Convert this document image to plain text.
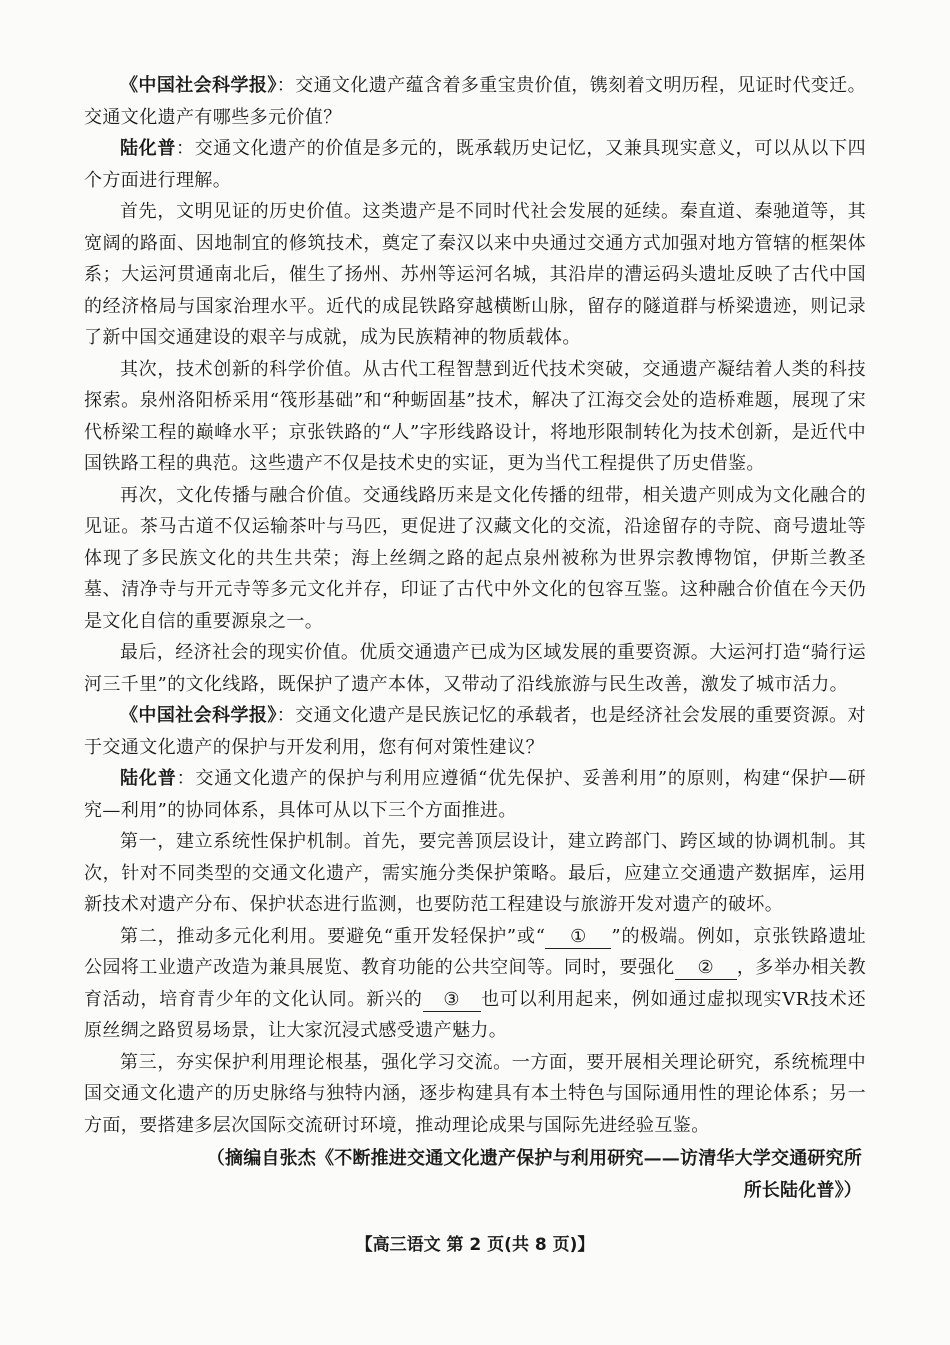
《中国社会科学报》：交通文化遗产蕴含着多重宝贵价值，镌刻着文明历程，见证时代变迁。交通文化遗产有哪些多元价值？

陆化普：交通文化遗产的价值是多元的，既承载历史记忆，又兼具现实意义，可以从以下四个方面进行理解。

首先，文明见证的历史价值。这类遗产是不同时代社会发展的延续。秦直道、秦驰道等，其宽阔的路面、因地制宜的修筑技术，奠定了秦汉以来中央通过交通方式加强对地方管辖的框架体系；大运河贯通南北后，催生了扬州、苏州等运河名城，其沿岸的漕运码头遗址反映了古代中国的经济格局与国家治理水平。近代的成昆铁路穿越横断山脉，留存的隧道群与桥梁遗迹，则记录了新中国交通建设的艰辛与成就，成为民族精神的物质载体。

其次，技术创新的科学价值。从古代工程智慧到近代技术突破，交通遗产凝结着人类的科技探索。泉州洛阳桥采用“筏形基础”和“种蛎固基”技术，解决了江海交会处的造桥难题，展现了宋代桥梁工程的巅峰水平；京张铁路的“人”字形线路设计，将地形限制转化为技术创新，是近代中国铁路工程的典范。这些遗产不仅是技术史的实证，更为当代工程提供了历史借鉴。

再次，文化传播与融合价值。交通线路历来是文化传播的纽带，相关遗产则成为文化融合的见证。茶马古道不仅运输茶叶与马匹，更促进了汉藏文化的交流，沿途留存的寺院、商号遗址等体现了多民族文化的共生共荣；海上丝绸之路的起点泉州被称为世界宗教博物馆，伊斯兰教圣墓、清净寺与开元寺等多元文化并存，印证了古代中外文化的包容互鉴。这种融合价值在今天仍是文化自信的重要源泉之一。

最后，经济社会的现实价值。优质交通遗产已成为区域发展的重要资源。大运河打造“骑行运河三千里”的文化线路，既保护了遗产本体，又带动了沿线旅游与民生改善，激发了城市活力。

《中国社会科学报》：交通文化遗产是民族记忆的承载者，也是经济社会发展的重要资源。对于交通文化遗产的保护与开发利用，您有何对策性建议？

陆化普：交通文化遗产的保护与利用应遵循“优先保护、妥善利用”的原则，构建“保护—研究—利用”的协同体系，具体可从以下三个方面推进。

第一，建立系统性保护机制。首先，要完善顶层设计，建立跨部门、跨区域的协调机制。其次，针对不同类型的交通文化遗产，需实施分类保护策略。最后，应建立交通遗产数据库，运用新技术对遗产分布、保护状态进行监测，也要防范工程建设与旅游开发对遗产的破坏。

第二，推动多元化利用。要避免“重开发轻保护”或“ ① ”的极端。例如，京张铁路遗址公园将工业遗产改造为兼具展览、教育功能的公共空间等。同时，要强化 ② ，多举办相关教育活动，培育青少年的文化认同。新兴的 ③ 也可以利用起来，例如通过虚拟现实VR技术还原丝绸之路贸易场景，让大家沉浸式感受遗产魅力。

第三，夯实保护利用理论根基，强化学习交流。一方面，要开展相关理论研究，系统梳理中国交通文化遗产的历史脉络与独特内涵，逐步构建具有本土特色与国际通用性的理论体系；另一方面，要搭建多层次国际交流研讨环境，推动理论成果与国际先进经验互鉴。

（摘编自张杰《不断推进交通文化遗产保护与利用研究——访清华大学交通研究所
所长陆化普》）
【高三语文 第 2 页(共 8 页)】
